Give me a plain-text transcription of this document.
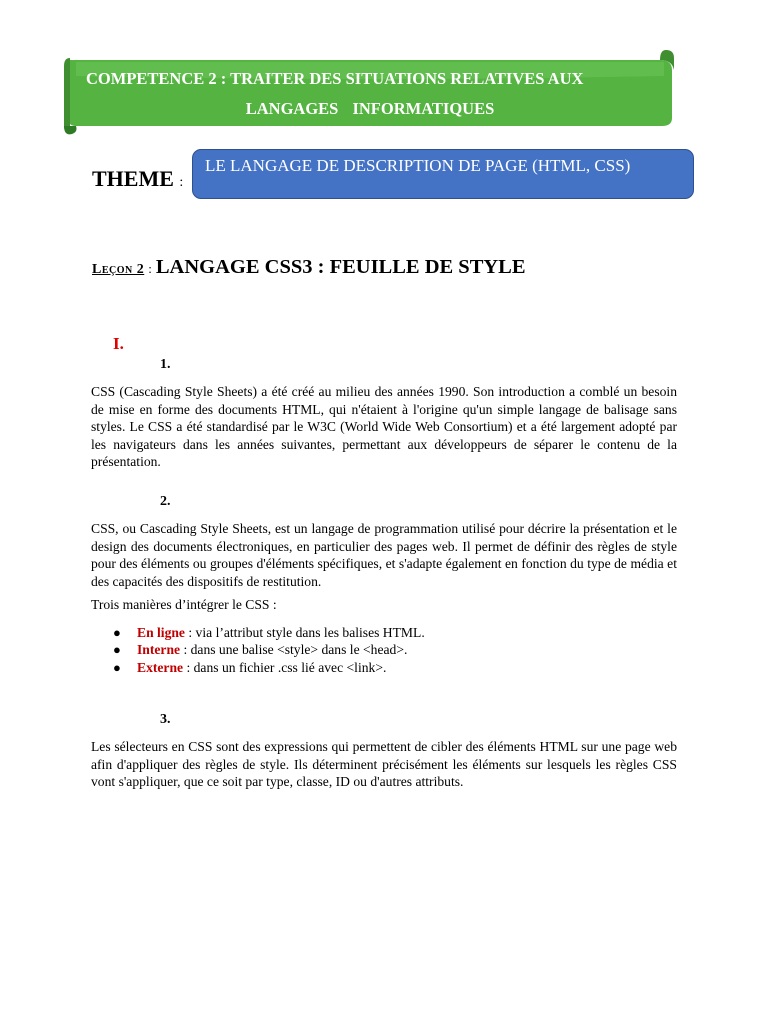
COMPETENCE 2 : TRAITER DES SITUATIONS RELATIVES AUX
LANGAGES INFORMATIQUES
THEME :
LE LANGAGE DE DESCRIPTION DE PAGE (HTML, CSS)
Leçon 2 : LANGAGE CSS3 : FEUILLE DE STYLE
I.
1.
CSS (Cascading Style Sheets) a été créé au milieu des années 1990. Son introduction a comblé un besoin de mise en forme des documents HTML, qui n'étaient à l'origine qu'un simple langage de balisage sans styles. Le CSS a été standardisé par le W3C (World Wide Web Consortium) et a été largement adopté par les navigateurs dans les années suivantes, permettant aux développeurs de séparer le contenu de la présentation.
2.
CSS, ou Cascading Style Sheets, est un langage de programmation utilisé pour décrire la présentation et le design des documents électroniques, en particulier des pages web. Il permet de définir des règles de style pour des éléments ou groupes d'éléments spécifiques, et s'adapte également en fonction du type de média et des capacités des dispositifs de restitution.
Trois manières d’intégrer le CSS :
● En ligne : via l’attribut style dans les balises HTML.
● Interne : dans une balise <style> dans le <head>.
● Externe : dans un fichier .css lié avec <link>.
3.
Les sélecteurs en CSS sont des expressions qui permettent de cibler des éléments HTML sur une page web afin d'appliquer des règles de style. Ils déterminent précisément les éléments sur lesquels les règles CSS vont s'appliquer, que ce soit par type, classe, ID ou d'autres attributs.
